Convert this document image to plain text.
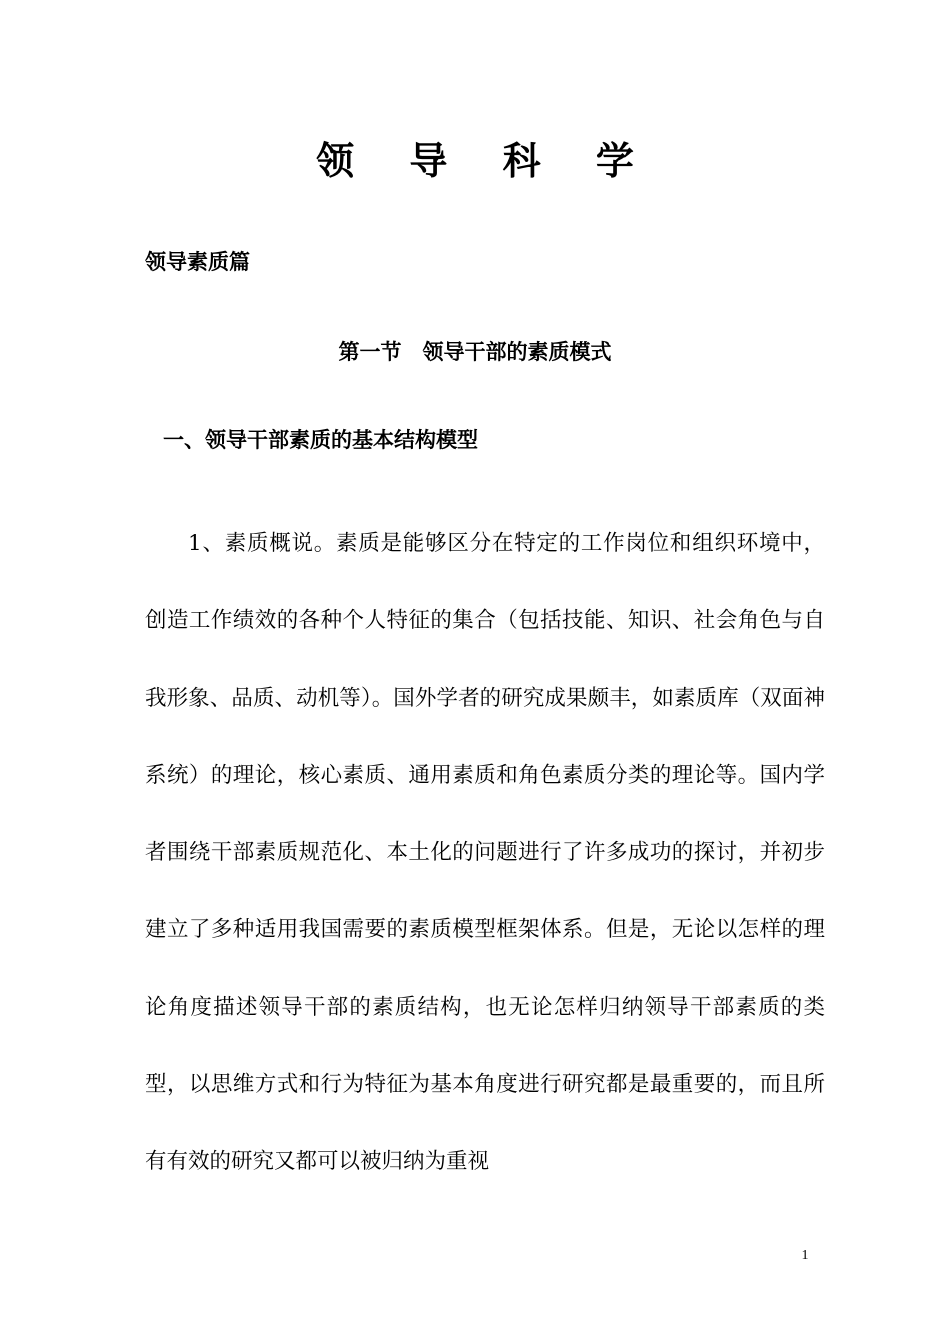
领 导 科 学
领导素质篇
第一节　领导干部的素质模式
一、领导干部素质的基本结构模型

1、素质概说。素质是能够区分在特定的工作岗位和组织环境中，创造工作绩效的各种个人特征的集合（包括技能、知识、社会角色与自我形象、品质、动机等）。国外学者的研究成果颇丰，如素质库（双面神系统）的理论，核心素质、通用素质和角色素质分类的理论等。国内学者围绕干部素质规范化、本土化的问题进行了许多成功的探讨，并初步建立了多种适用我国需要的素质模型框架体系。但是，无论以怎样的理论角度描述领导干部的素质结构，也无论怎样归纳领导干部素质的类型，以思维方式和行为特征为基本角度进行研究都是最重要的，而且所有有效的研究又都可以被归纳为重视

1
